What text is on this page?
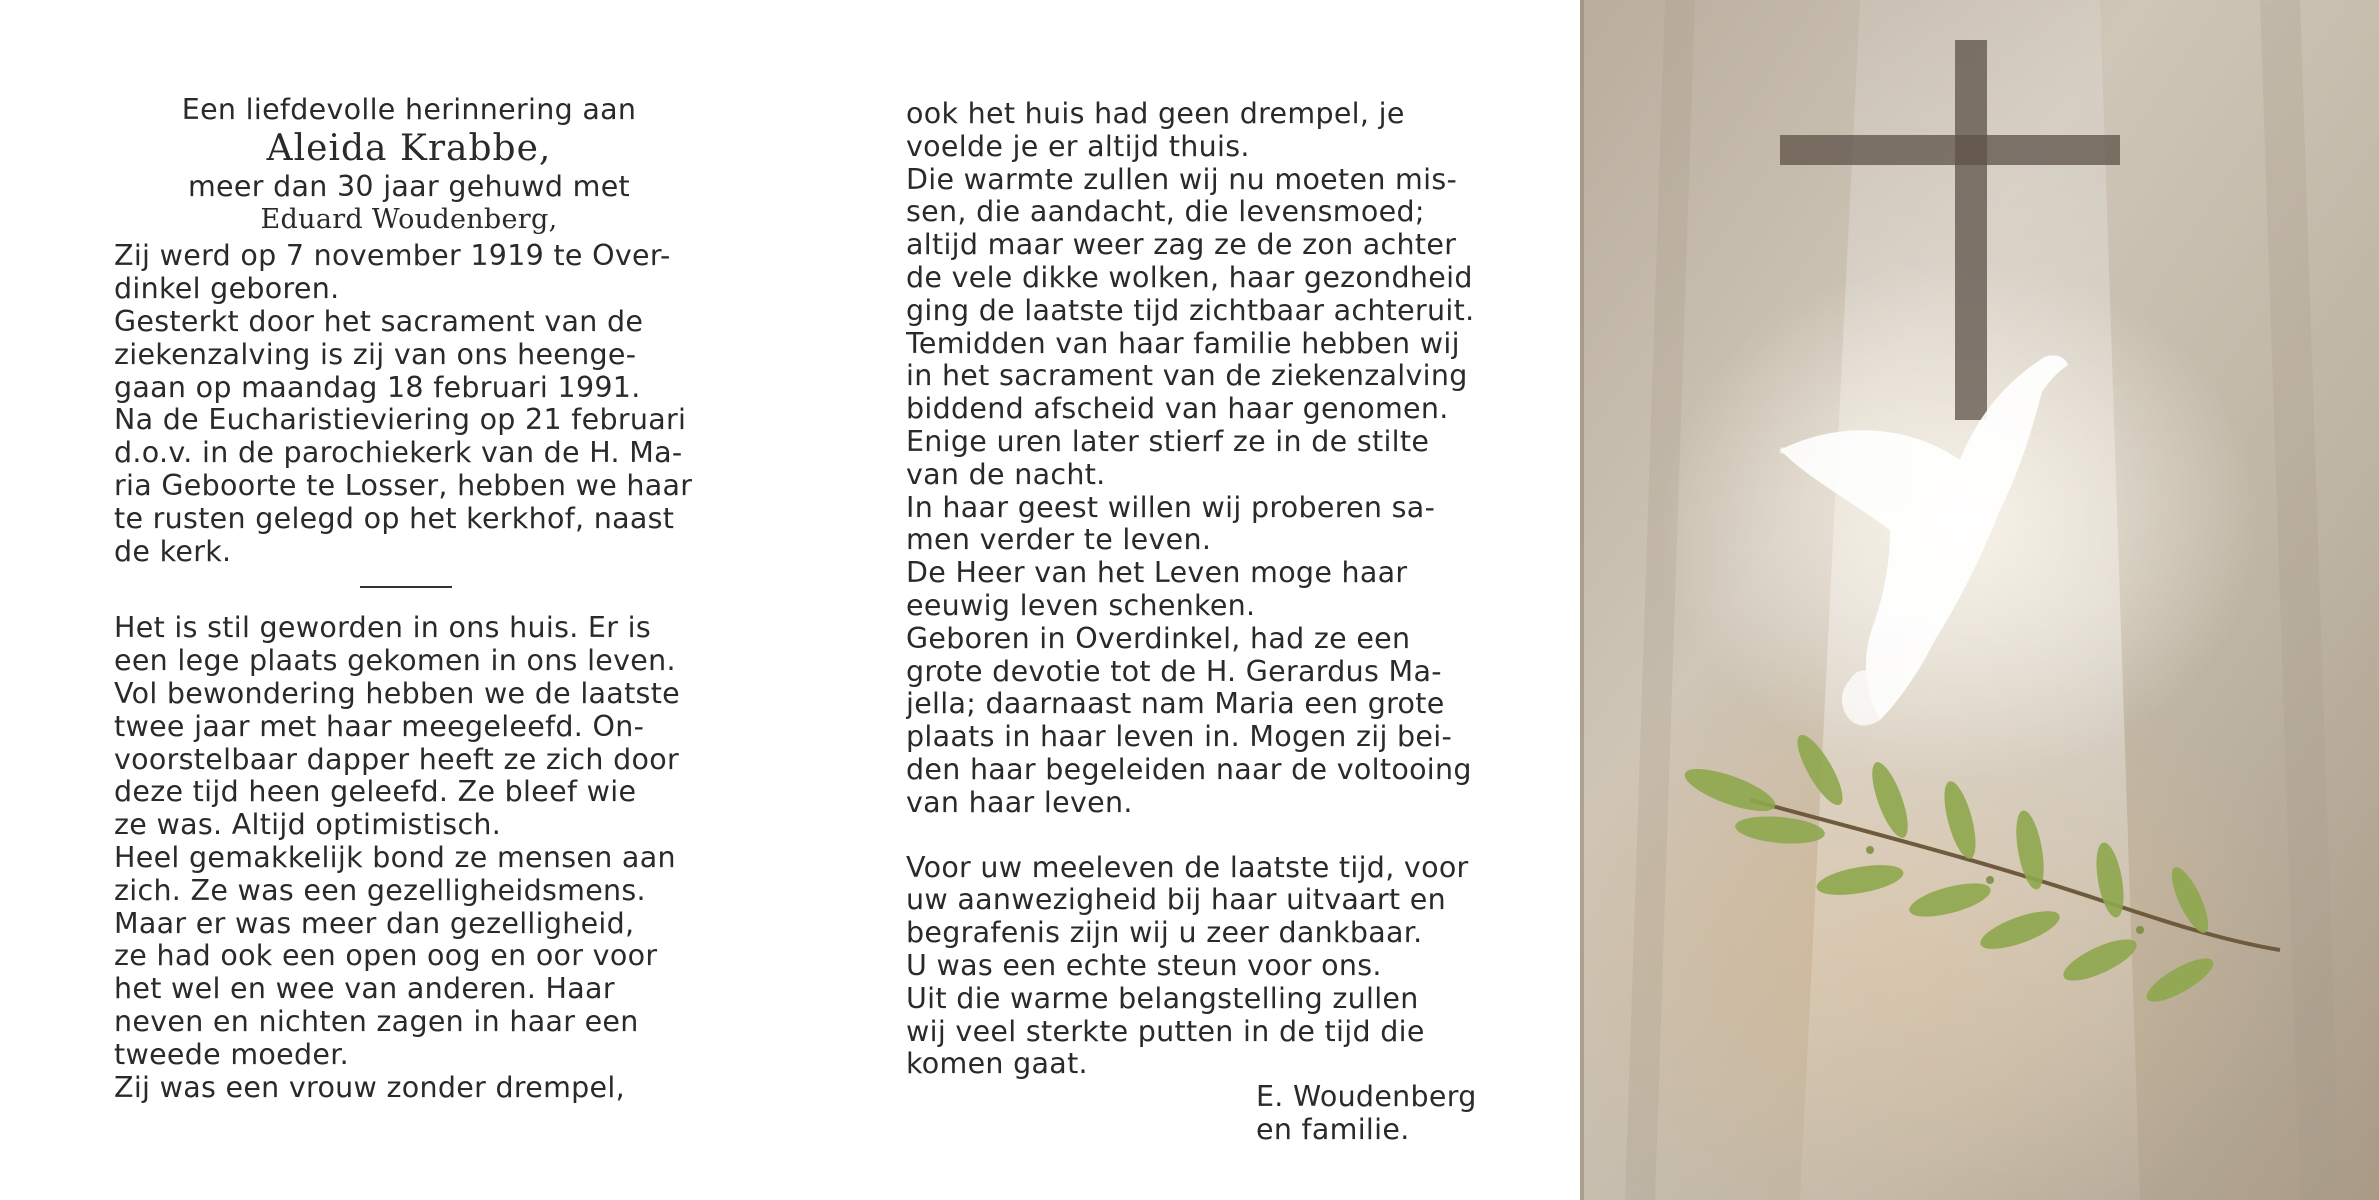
Een liefdevolle herinnering aan
Aleida Krabbe,
meer dan 30 jaar gehuwd met
Eduard Woudenberg,
Zij werd op 7 november 1919 te Over-
dinkel geboren.
Gesterkt door het sacrament van de
ziekenzalving is zij van ons heenge-
gaan op maandag 18 februari 1991.
Na de Eucharistieviering op 21 februari
d.o.v. in de parochiekerk van de H. Ma-
ria Geboorte te Losser, hebben we haar
te rusten gelegd op het kerkhof, naast
de kerk.
Het is stil geworden in ons huis. Er is
een lege plaats gekomen in ons leven.
Vol bewondering hebben we de laatste
twee jaar met haar meegeleefd. On-
voorstelbaar dapper heeft ze zich door
deze tijd heen geleefd. Ze bleef wie
ze was. Altijd optimistisch.
Heel gemakkelijk bond ze mensen aan
zich. Ze was een gezelligheidsmens.
Maar er was meer dan gezelligheid,
ze had ook een open oog en oor voor
het wel en wee van anderen. Haar
neven en nichten zagen in haar een
tweede moeder.
Zij was een vrouw zonder drempel,
ook het huis had geen drempel, je
voelde je er altijd thuis.
Die warmte zullen wij nu moeten mis-
sen, die aandacht, die levensmoed;
altijd maar weer zag ze de zon achter
de vele dikke wolken, haar gezondheid
ging de laatste tijd zichtbaar achteruit.
Temidden van haar familie hebben wij
in het sacrament van de ziekenzalving
biddend afscheid van haar genomen.
Enige uren later stierf ze in de stilte
van de nacht.
In haar geest willen wij proberen sa-
men verder te leven.
De Heer van het Leven moge haar
eeuwig leven schenken.
Geboren in Overdinkel, had ze een
grote devotie tot de H. Gerardus Ma-
jella; daarnaast nam Maria een grote
plaats in haar leven in. Mogen zij bei-
den haar begeleiden naar de voltooing
van haar leven.
Voor uw meeleven de laatste tijd, voor
uw aanwezigheid bij haar uitvaart en
begrafenis zijn wij u zeer dankbaar.
U was een echte steun voor ons.
Uit die warme belangstelling zullen
wij veel sterkte putten in de tijd die
komen gaat.
E. Woudenberg
en familie.
